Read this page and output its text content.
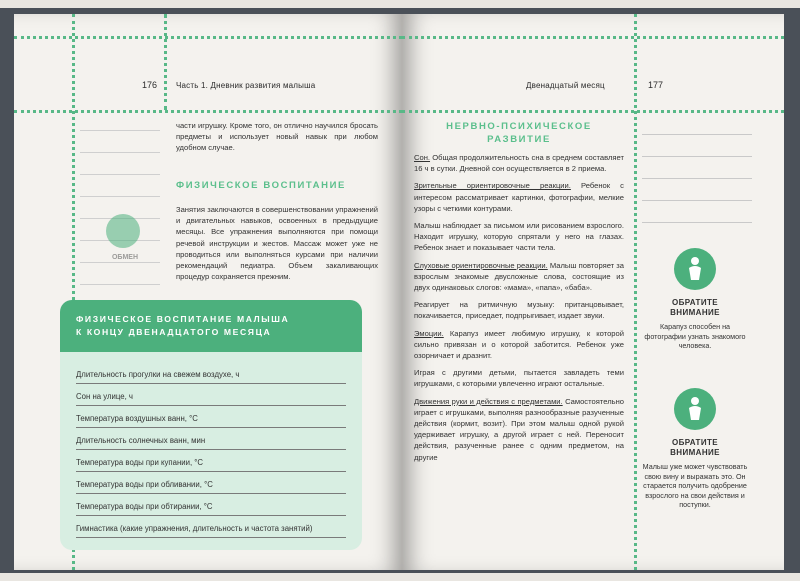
176 Часть 1. Дневник развития малыша
ОБМЕН

части игрушку. Кроме того, он отлично научился бросать предметы и использует новый навык при любом удобном случае.

ФИЗИЧЕСКОЕ ВОСПИТАНИЕ

Занятия заключаются в совершенствовании упражнений и двигательных навыков, освоенных в предыдущие месяцы. Все упражнения выполняются при помощи речевой инструкции и жестов. Массаж может уже не проводиться или выполняться курсами при наличии рекомендаций педиатра. Объем закаливающих процедур сохраняется прежним.

ФИЗИЧЕСКОЕ ВОСПИТАНИЕ МАЛЫША
К КОНЦУ ДВЕНАДЦАТОГО МЕСЯЦА
Длительность прогулки на свежем воздухе, ч
Сон на улице, ч
Температура воздушных ванн, °С
Длительность солнечных ванн, мин
Температура воды при купании, °С
Температура воды при обливании, °С
Температура воды при обтирании, °С
Гимнастика (какие упражнения, длительность и частота занятий)
Двенадцатый месяц	177
НЕРВНО-ПСИХИЧЕСКОЕ
РАЗВИТИЕ

Сон. Общая продолжительность сна в среднем составляет 16 ч в сутки. Дневной сон осуществляется в 2 приема.

Зрительные ориентировочные реакции. Ребенок с интересом рассматривает картинки, фотографии, мелкие узоры с четкими контурами.

Малыш наблюдает за письмом или рисованием взрослого. Находит игрушку, которую спрятали у него на глазах. Ребенок знает и показывает части тела.

Слуховые ориентировочные реакции. Малыш повторяет за взрослым знакомые двусложные слова, состоящие из двух одинаковых слогов: «мама», «папа», «баба».

Реагирует на ритмичную музыку: пританцовывает, покачивается, приседает, подпрыгивает, издает звуки.

Эмоции. Карапуз имеет любимую игрушку, к которой сильно привязан и о которой заботится. Ребенок уже озорничает и дразнит.

Играя с другими детьми, пытается завладеть теми игрушками, с которыми увлеченно играют остальные.

Движения руки и действия с предметами. Самостоятельно играет с игрушками, выполняя разнообразные разученные действия (кормит, возит). При этом малыш одной рукой удерживает игрушку, а другой играет с ней. Переносит действия, разученные ранее с одним предметом, на другие

ОБРАТИТЕ
ВНИМАНИЕ
Карапуз способен на фотографии узнать знакомого человека.
ОБРАТИТЕ
ВНИМАНИЕ
Малыш уже может чувствовать свою вину и выражать это. Он старается получить одобрение взрослого на свои действия и поступки.
